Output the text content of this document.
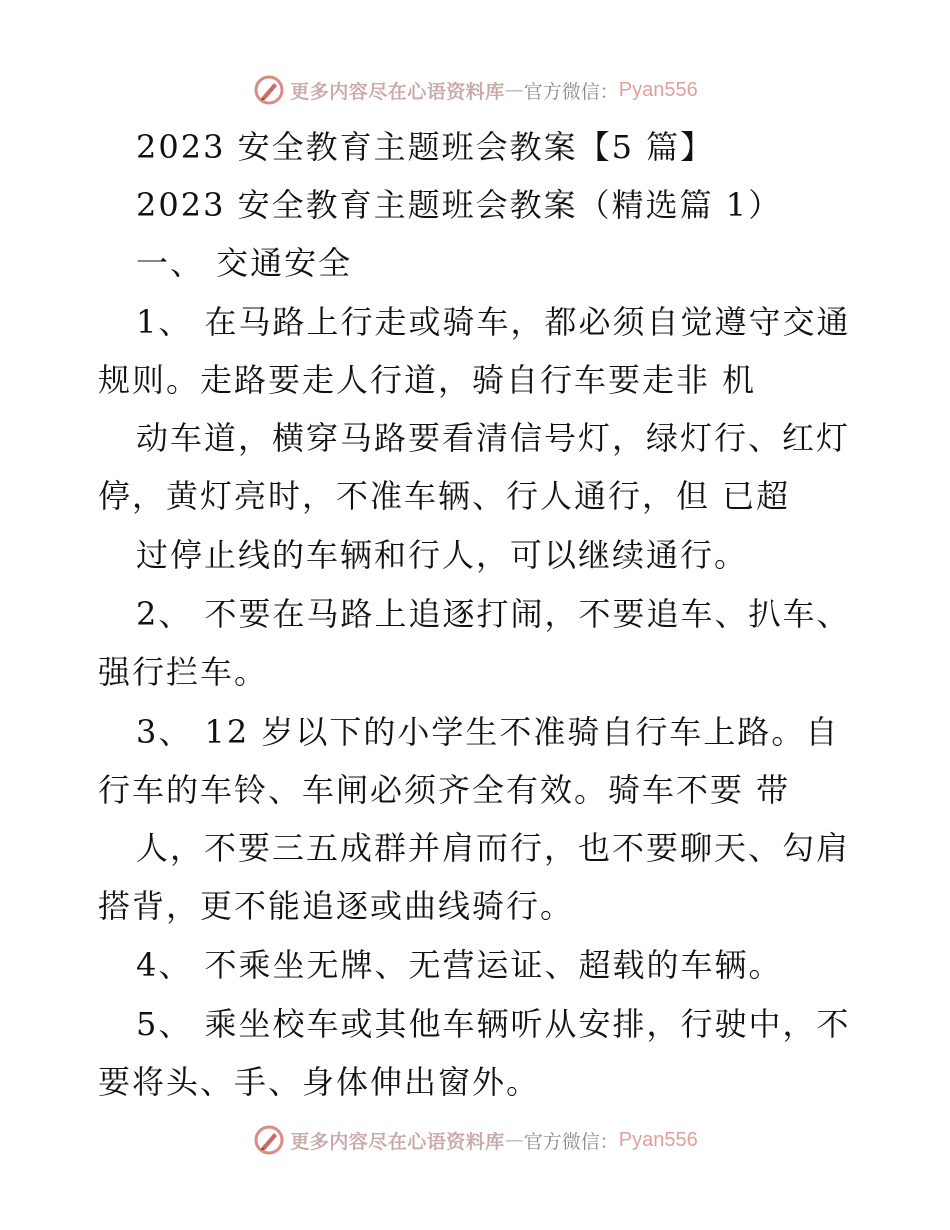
更多内容尽在心语资料库 — 官方微信： Pyan556
2023 安全教育主题班会教案【5 篇】
2023 安全教育主题班会教案（精选篇 1）
一、 交通安全
1、 在马路上行走或骑车，都必须自觉遵守交通
规则。走路要走人行道，骑自行车要走非 机
动车道，横穿马路要看清信号灯，绿灯行、红灯
停，黄灯亮时，不准车辆、行人通行，但 已超
过停止线的车辆和行人，可以继续通行。
2、 不要在马路上追逐打闹，不要追车、扒车、
强行拦车。
3、 12 岁以下的小学生不准骑自行车上路。自
行车的车铃、车闸必须齐全有效。骑车不要 带
人，不要三五成群并肩而行，也不要聊天、勾肩
搭背，更不能追逐或曲线骑行。
4、 不乘坐无牌、无营运证、超载的车辆。
5、 乘坐校车或其他车辆听从安排，行驶中，不
要将头、手、身体伸出窗外。
更多内容尽在心语资料库 — 官方微信： Pyan556
